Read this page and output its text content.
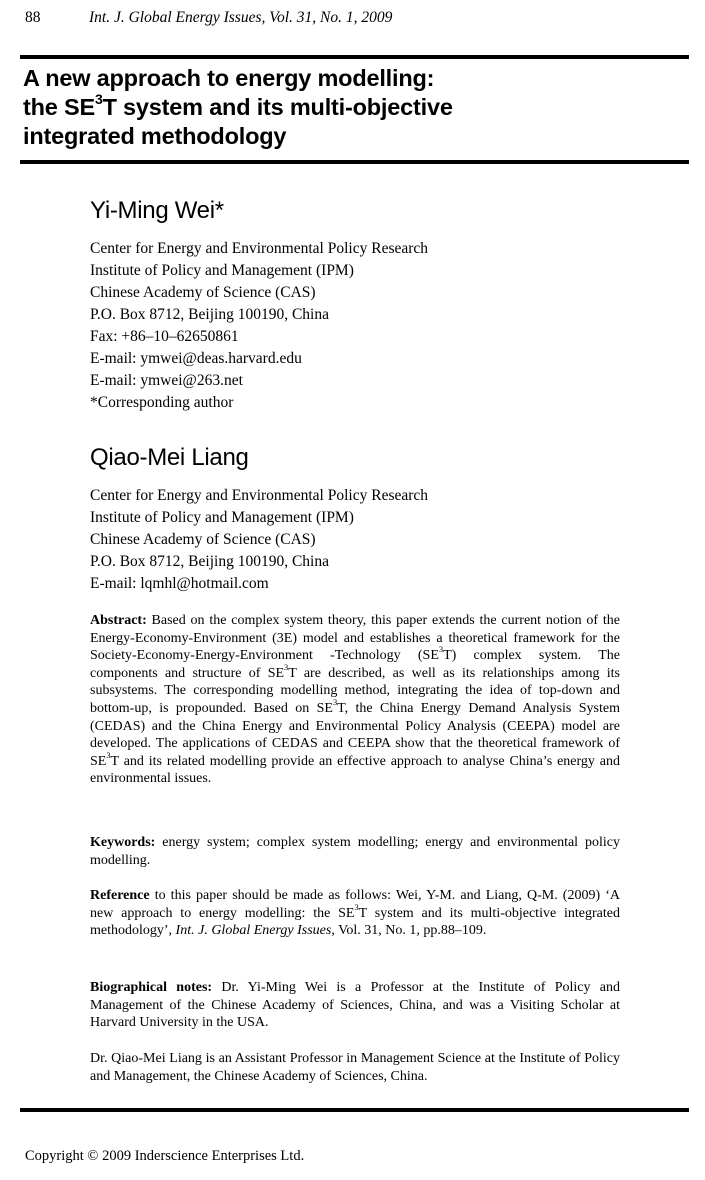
88	Int. J. Global Energy Issues, Vol. 31, No. 1, 2009
A new approach to energy modelling:
the $SE^3T$ system and its multi-objective
integrated methodology
Yi-Ming Wei*
Center for Energy and Environmental Policy Research
Institute of Policy and Management (IPM)
Chinese Academy of Science (CAS)
P.O. Box 8712, Beijing 100190, China
Fax: +86–10–62650861
E-mail: ymwei@deas.harvard.edu
E-mail: ymwei@263.net
*Corresponding author
Qiao-Mei Liang
Center for Energy and Environmental Policy Research
Institute of Policy and Management (IPM)
Chinese Academy of Science (CAS)
P.O. Box 8712, Beijing 100190, China
E-mail: lqmhl@hotmail.com

Abstract: Based on the complex system theory, this paper extends the current notion of the Energy-Economy-Environment (3E) model and establishes a theoretical framework for the Society-Economy-Energy-Environment -Technology $(SE^3T)$ complex system. The components and structure of $SE^3T$ are described, as well as its relationships among its subsystems. The corresponding modelling method, integrating the idea of top-down and bottom-up, is propounded. Based on $SE^3T$, the China Energy Demand Analysis System (CEDAS) and the China Energy and Environmental Policy Analysis (CEEPA) model are developed. The applications of CEDAS and CEEPA show that the theoretical framework of $SE^3T$ and its related modelling provide an effective approach to analyse China’s energy and environmental issues.

Keywords: energy system; complex system modelling; energy and environmental policy modelling.

Reference to this paper should be made as follows: Wei, Y-M. and Liang, Q-M. (2009) ‘A new approach to energy modelling: the $SE^3T$ system and its multi-objective integrated methodology’, Int. J. Global Energy Issues, Vol. 31, No. 1, pp.88–109.

Biographical notes: Dr. Yi-Ming Wei is a Professor at the Institute of Policy and Management of the Chinese Academy of Sciences, China, and was a Visiting Scholar at Harvard University in the USA.

Dr. Qiao-Mei Liang is an Assistant Professor in Management Science at the Institute of Policy and Management, the Chinese Academy of Sciences, China.

Copyright © 2009 Inderscience Enterprises Ltd.
